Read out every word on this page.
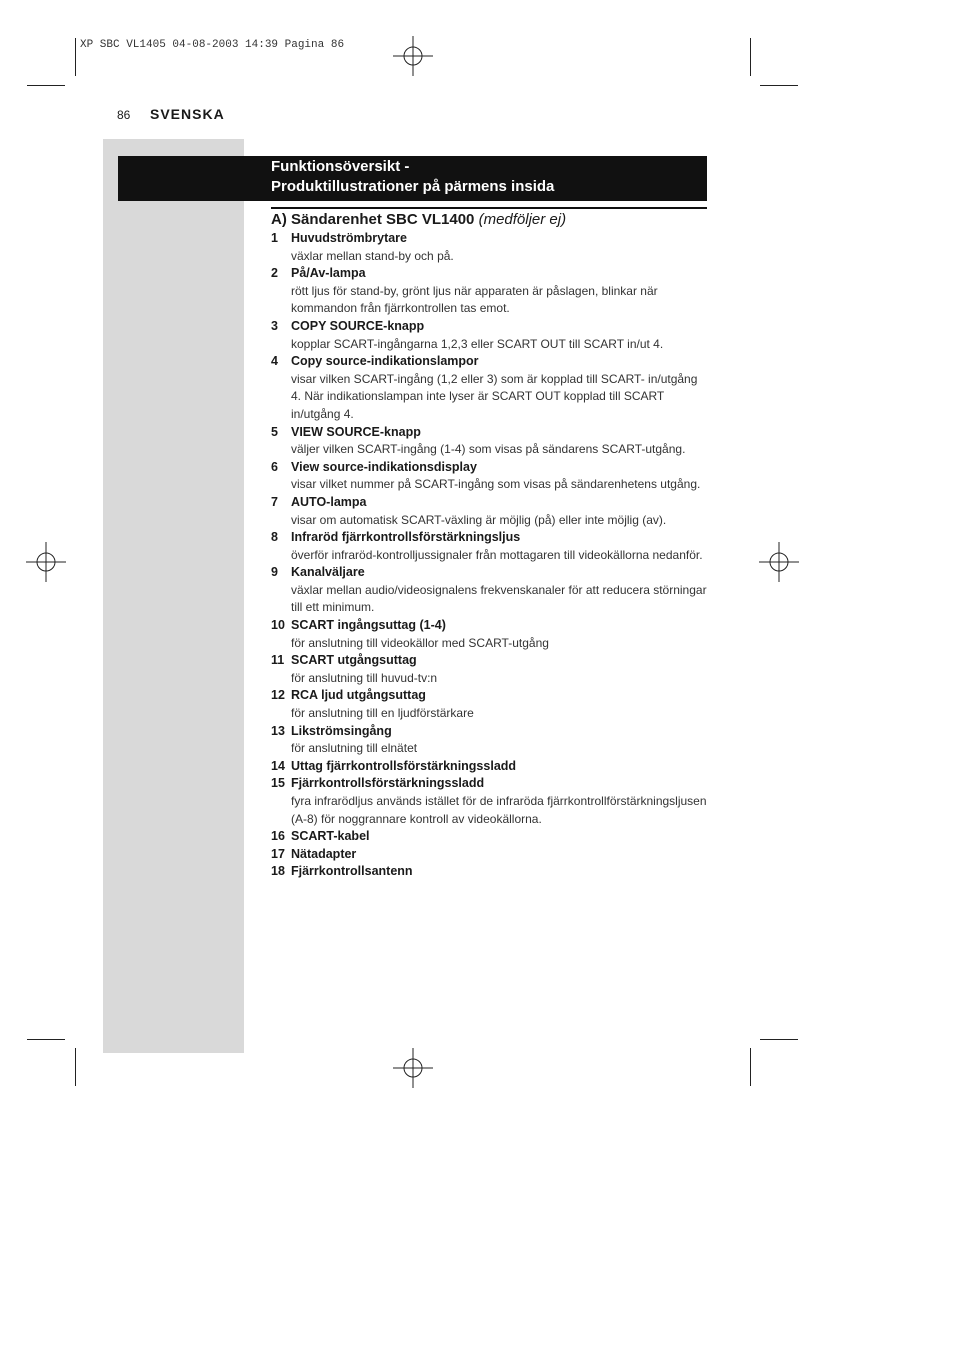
XP SBC VL1405 04-08-2003 14:39 Pagina 86
86 SVENSKA
Funktionsöversikt -
Produktillustrationer på pärmens insida
A) Sändarenhet SBC VL1400 (medföljer ej)
1	Huvudströmbrytare
växlar mellan stand-by och på.
2	På/Av-lampa
rött ljus för stand-by, grönt ljus när apparaten är påslagen, blinkar när kommandon från fjärrkontrollen tas emot.
3	COPY SOURCE-knapp
kopplar SCART-ingångarna 1,2,3 eller SCART OUT till SCART in/ut 4.
4	Copy source-indikationslampor
visar vilken SCART-ingång (1,2 eller 3) som är kopplad till SCART- in/utgång 4. När indikationslampan inte lyser är SCART OUT kopplad till SCART in/utgång 4.
5	VIEW SOURCE-knapp
väljer vilken SCART-ingång (1-4) som visas på sändarens SCART-utgång.
6	View source-indikationsdisplay
visar vilket nummer på SCART-ingång som visas på sändarenhetens utgång.
7	AUTO-lampa
visar om automatisk SCART-växling är möjlig (på) eller inte möjlig (av).
8	Infraröd fjärrkontrollsförstärkningsljus
överför infraröd-kontrolljussignaler från mottagaren till videokällorna nedanför.
9	Kanalväljare
växlar mellan audio/videosignalens frekvenskanaler för att reducera störningar till ett minimum.
10 SCART ingångsuttag (1-4)
för anslutning till videokällor med SCART-utgång
11 SCART utgångsuttag
för anslutning till huvud-tv:n
12 RCA ljud utgångsuttag
för anslutning till en ljudförstärkare
13 Likströmsingång
för anslutning till elnätet
14 Uttag fjärrkontrollsförstärkningssladd
15 Fjärrkontrollsförstärkningssladd
fyra infrarödljus används istället för de infraröda fjärrkontrollförstärkningsljusen (A-8) för noggrannare kontroll av videokällorna.
16 SCART-kabel
17 Nätadapter
18 Fjärrkontrollsantenn
